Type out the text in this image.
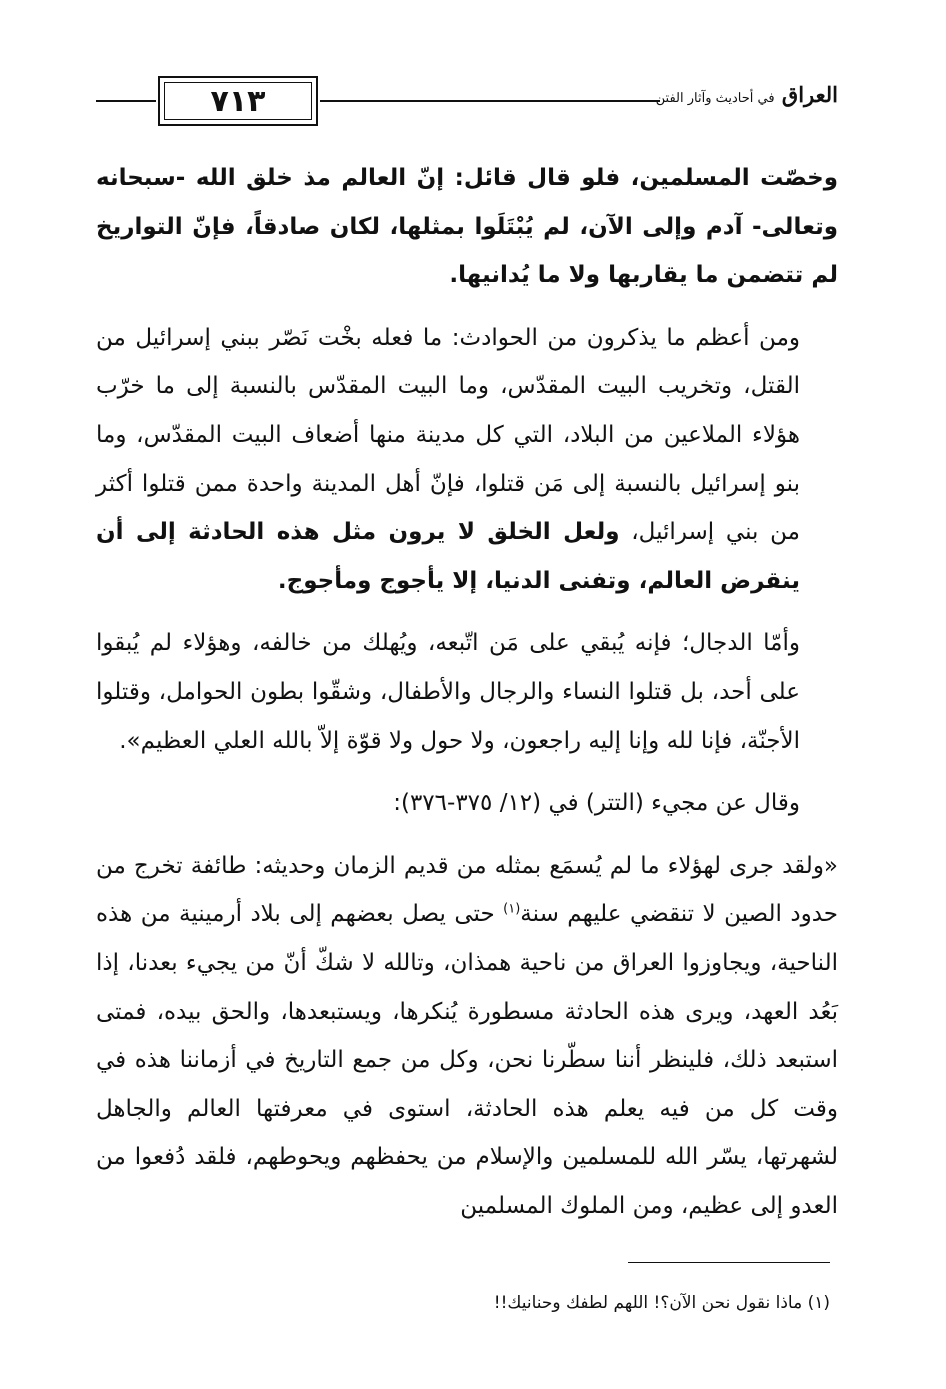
٧١٣	العراق في أحاديث وآثار الفتن

وخصّت المسلمين، فلو قال قائل: إنّ العالم مذ خلق الله -سبحانه وتعالى- آدم وإلى الآن، لم يُبْتَلَوا بمثلها، لكان صادقاً، فإنّ التواريخ لم تتضمن ما يقاربها ولا ما يُدانيها.

ومن أعظم ما يذكرون من الحوادث: ما فعله بخْت نَصّر ببني إسرائيل من القتل، وتخريب البيت المقدّس، وما البيت المقدّس بالنسبة إلى ما خرّب هؤلاء الملاعين من البلاد، التي كل مدينة منها أضعاف البيت المقدّس، وما بنو إسرائيل بالنسبة إلى مَن قتلوا، فإنّ أهل المدينة واحدة ممن قتلوا أكثر من بني إسرائيل، ولعل الخلق لا يرون مثل هذه الحادثة إلى أن ينقرض العالم، وتفنى الدنيا، إلا يأجوج ومأجوج.

وأمّا الدجال؛ فإنه يُبقي على مَن اتّبعه، ويُهلك من خالفه، وهؤلاء لم يُبقوا على أحد، بل قتلوا النساء والرجال والأطفال، وشقّوا بطون الحوامل، وقتلوا الأجنّة، فإنا لله وإنا إليه راجعون، ولا حول ولا قوّة إلاّ بالله العلي العظيم».

وقال عن مجيء (التتر) في (١٢/ ٣٧٥-٣٧٦):

«ولقد جرى لهؤلاء ما لم يُسمَع بمثله من قديم الزمان وحديثه: طائفة تخرج من حدود الصين لا تنقضي عليهم سنة$^{(١)}$ حتى يصل بعضهم إلى بلاد أرمينية من هذه الناحية، ويجاوزوا العراق من ناحية همذان، وتالله لا شكّ أنّ من يجيء بعدنا، إذا بَعُد العهد، ويرى هذه الحادثة مسطورة يُنكرها، ويستبعدها، والحق بيده، فمتى استبعد ذلك، فلينظر أننا سطّرنا نحن، وكل من جمع التاريخ في أزماننا هذه في وقت كل من فيه يعلم هذه الحادثة، استوى في معرفتها العالم والجاهل لشهرتها، يسّر الله للمسلمين والإسلام من يحفظهم ويحوطهم، فلقد دُفعوا من العدو إلى عظيم، ومن الملوك المسلمين

(١) ماذا نقول نحن الآن؟! اللهم لطفك وحنانيك!!
